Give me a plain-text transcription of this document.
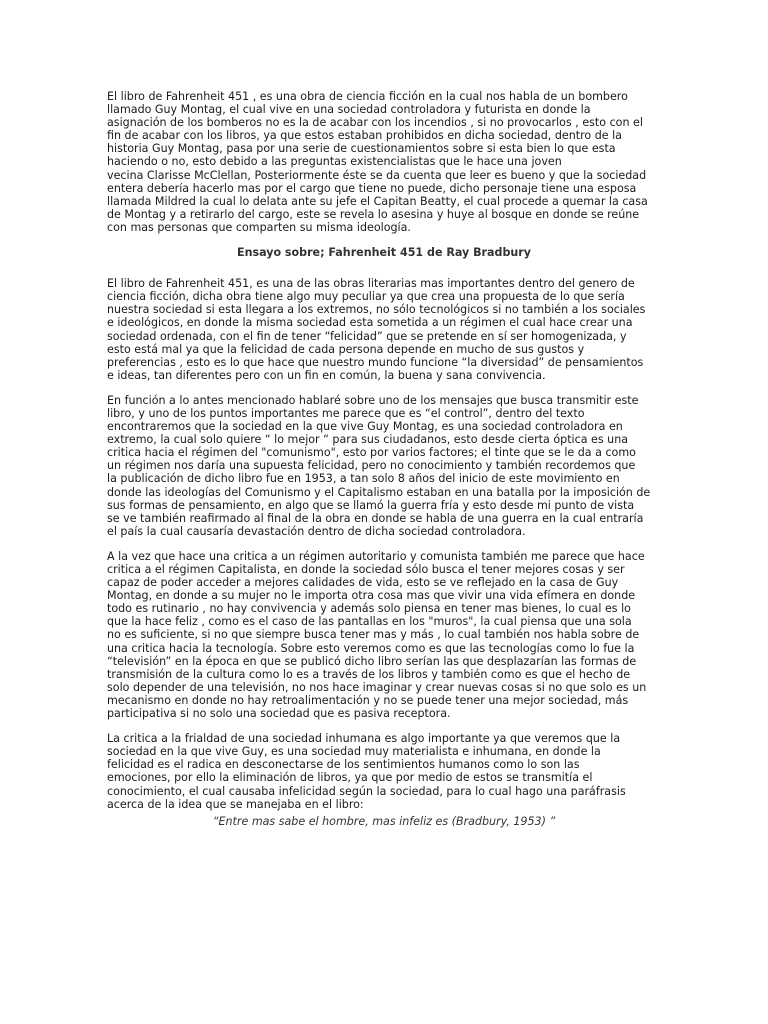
El libro de Fahrenheit 451 , es una obra de ciencia ficción en la cual nos habla de un bombero
llamado Guy Montag, el cual vive en una sociedad controladora y futurista en donde la
asignación de los bomberos no es la de acabar con los incendios , si no provocarlos , esto con el
fin de acabar con los libros, ya que estos estaban prohibidos en dicha sociedad, dentro de la
historia Guy Montag, pasa por una serie de cuestionamientos sobre si esta bien lo que esta
haciendo o no, esto debido a las preguntas existencialistas que le hace una joven
vecina Clarisse McClellan, Posteriormente éste se da cuenta que leer es bueno y que la sociedad
entera debería hacerlo mas por el cargo que tiene no puede, dicho personaje tiene una esposa
llamada Mildred la cual lo delata ante su jefe el Capitan Beatty, el cual procede a quemar la casa
de Montag y a retirarlo del cargo, este se revela lo asesina y huye al bosque en donde se reúne
con mas personas que comparten su misma ideología.

Ensayo sobre; Fahrenheit 451 de Ray Bradbury

El libro de Fahrenheit 451, es una de las obras literarias mas importantes dentro del genero de
ciencia ficción, dicha obra tiene algo muy peculiar ya que crea una propuesta de lo que sería
nuestra sociedad si esta llegara a los extremos, no sólo tecnológicos si no también a los sociales
e ideológicos, en donde la misma sociedad esta sometida a un régimen el cual hace crear una
sociedad ordenada, con el fin de tener “felicidad” que se pretende en sí ser homogenizada, y
esto está mal ya que la felicidad de cada persona depende en mucho de sus gustos y
preferencias , esto es lo que hace que nuestro mundo funcione “la diversidad” de pensamientos
e ideas, tan diferentes pero con un fin en común, la buena y sana convivencia.

En función a lo antes mencionado hablaré sobre uno de los mensajes que busca transmitir este
libro, y uno de los puntos importantes me parece que es “el control”, dentro del texto
encontraremos que la sociedad en la que vive Guy Montag, es una sociedad controladora en
extremo, la cual solo quiere “ lo mejor “ para sus ciudadanos, esto desde cierta óptica es una
critica hacia el régimen del "comunismo", esto por varios factores; el tinte que se le da a como
un régimen nos daría una supuesta felicidad, pero no conocimiento y también recordemos que
la publicación de dicho libro fue en 1953, a tan solo 8 años del inicio de este movimiento en
donde las ideologías del Comunismo y el Capitalismo estaban en una batalla por la imposición de
sus formas de pensamiento, en algo que se llamó la guerra fría y esto desde mi punto de vista
se ve también reafirmado al final de la obra en donde se habla de una guerra en la cual entraría
el país la cual causaría devastación dentro de dicha sociedad controladora.

A la vez que hace una critica a un régimen autoritario y comunista también me parece que hace
critica a el régimen Capitalista, en donde la sociedad sólo busca el tener mejores cosas y ser
capaz de poder acceder a mejores calidades de vida, esto se ve reflejado en la casa de Guy
Montag, en donde a su mujer no le importa otra cosa mas que vivir una vida efímera en donde
todo es rutinario , no hay convivencia y además solo piensa en tener mas bienes, lo cual es lo
que la hace feliz , como es el caso de las pantallas en los "muros", la cual piensa que una sola
no es suficiente, si no que siempre busca tener mas y más , lo cual también nos habla sobre de
una critica hacia la tecnología. Sobre esto veremos como es que las tecnologías como lo fue la
“televisión” en la época en que se publicó dicho libro serían las que desplazarían las formas de
transmisión de la cultura como lo es a través de los libros y también como es que el hecho de
solo depender de una televisión, no nos hace imaginar y crear nuevas cosas si no que solo es un
mecanismo en donde no hay retroalimentación y no se puede tener una mejor sociedad, más
participativa si no solo una sociedad que es pasiva receptora.

La critica a la frialdad de una sociedad inhumana es algo importante ya que veremos que la
sociedad en la que vive Guy, es una sociedad muy materialista e inhumana, en donde la
felicidad es el radica en desconectarse de los sentimientos humanos como lo son las
emociones, por ello la eliminación de libros, ya que por medio de estos se transmitía el
conocimiento, el cual causaba infelicidad según la sociedad, para lo cual hago una paráfrasis
acerca de la idea que se manejaba en el libro:

“Entre mas sabe el hombre, mas infeliz es (Bradbury, 1953) ”
